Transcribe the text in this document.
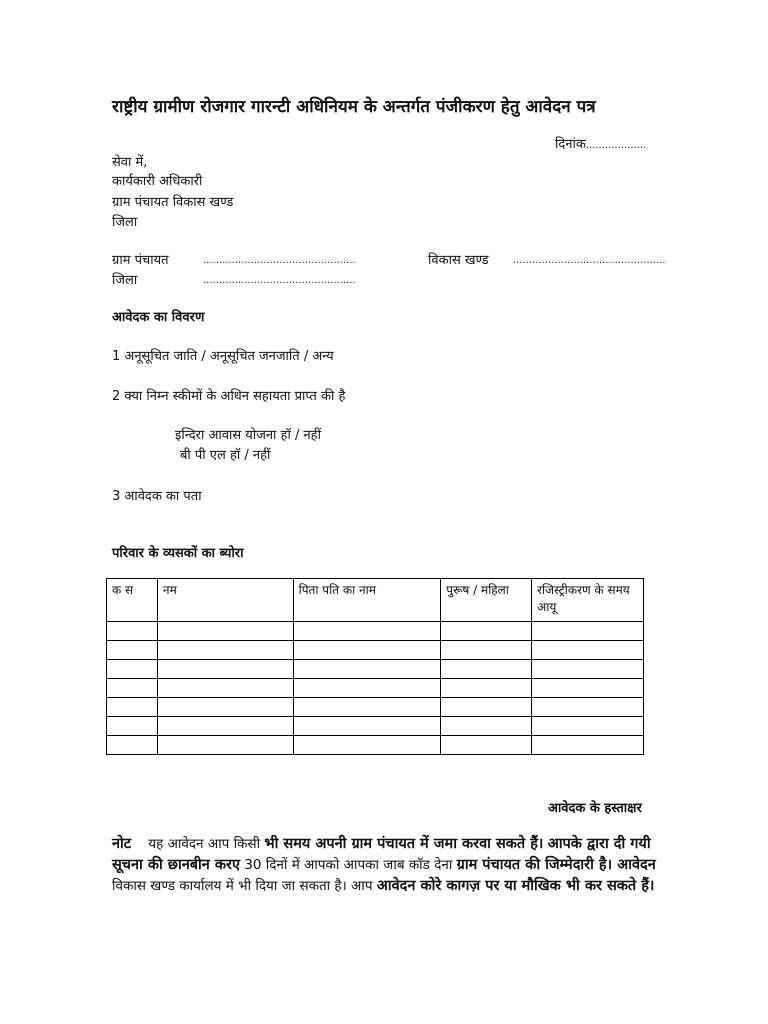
राष्ट्रीय ग्रामीण रोजगार गारन्टी अधिनियम के अन्तर्गत पंजीकरण हेतु आवेदन पत्र
दिनांक...................
सेवा में,
कार्यकारी अधिकारी
ग्राम पंचायत विकास खण्ड
जिला
ग्राम पंचायत	................................................	विकास खण्ड ................................................
जिला	................................................
आवेदक का विवरण
1 अनूसूचित जाति / अनूसूचित जनजाति / अन्य
2 क्या निम्न स्कीमों के अधिन सहायता प्राप्त की है
इन्दिरा आवास योजना हॉ / नहीं
बी पी एल हॉ / नहीं
3 आवेदक का पता
परिवार के व्यसकों का ब्योरा
क स	नम	पिता पति का नाम	पुरूष / महिला	रजिस्ट्रीकरण के समय आयू

आवेदक के हस्ताक्षर
नोट यह आवेदन आप किसी भी समय अपनी ग्राम पंचायत में जमा करवा सकते हैं। आपके द्वारा दी गयी सूचना की छानबीन करए 30 दिनों में आपको आपका जाब कॉड देना ग्राम पंचायत की जिम्मेदारी है। आवेदन विकास खण्ड कार्यालय में भी दिया जा सकता है। आप आवेदन कोरे कागज़ पर या मौखिक भी कर सकते हैं।
